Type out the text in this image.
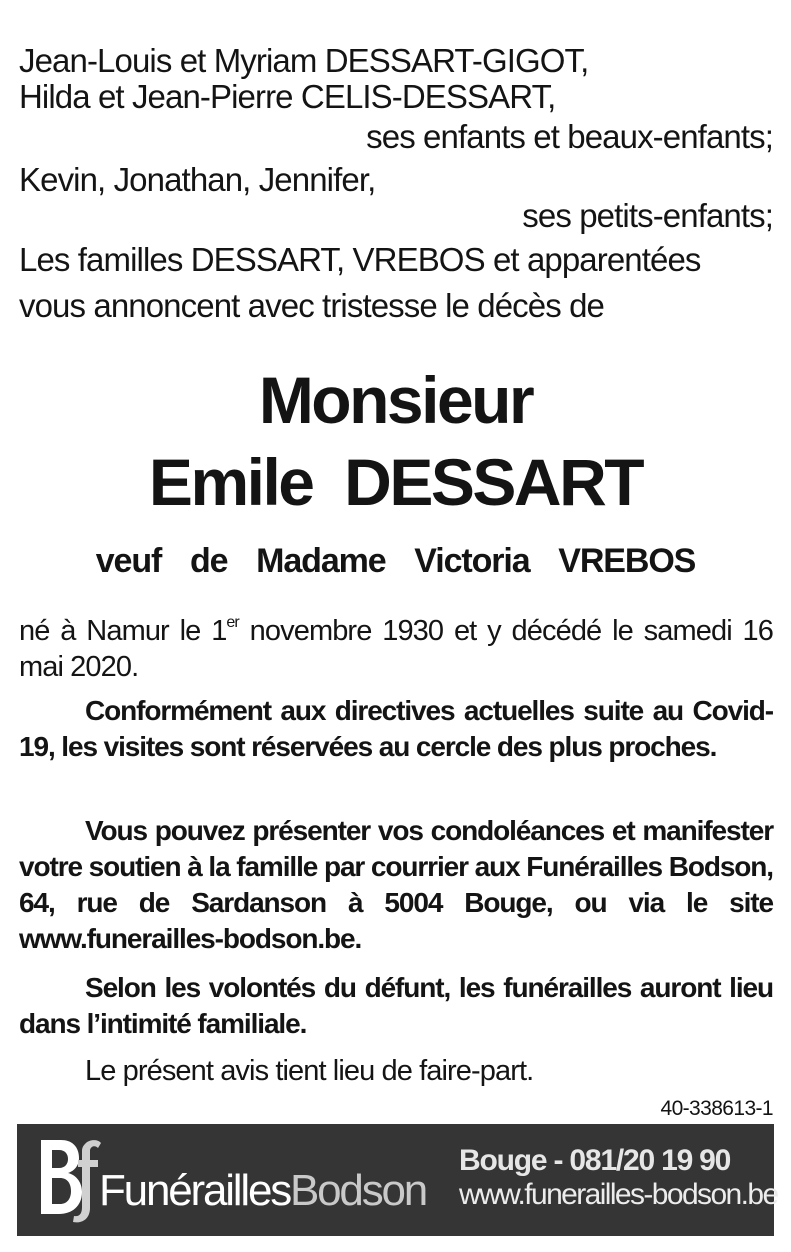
Jean-Louis et Myriam DESSART-GIGOT,
Hilda et Jean-Pierre CELIS-DESSART,
ses enfants et beaux-enfants;
Kevin, Jonathan, Jennifer,
ses petits-enfants;
Les familles DESSART, VREBOS et apparentées
vous annoncent avec tristesse le décès de
Monsieur
Emile  DESSART
veuf  de  Madame  Victoria  VREBOS
né à Namur le 1er novembre 1930 et y décédé le samedi 16 mai 2020.
Conformément aux directives actuelles suite au Covid-19, les visites sont réservées au cercle des plus proches.
Vous pouvez présenter vos condoléances et manifester votre soutien à la famille par courrier aux Funérailles Bodson, 64, rue de Sardanson à 5004 Bouge, ou via le site www.funerailles-bodson.be.
Selon les volontés du défunt, les funérailles auront lieu dans l’intimité familiale.
Le présent avis tient lieu de faire-part.
40-338613-1
FunéraillesBodson
Bouge - 081/20 19 90
www.funerailles-bodson.be
